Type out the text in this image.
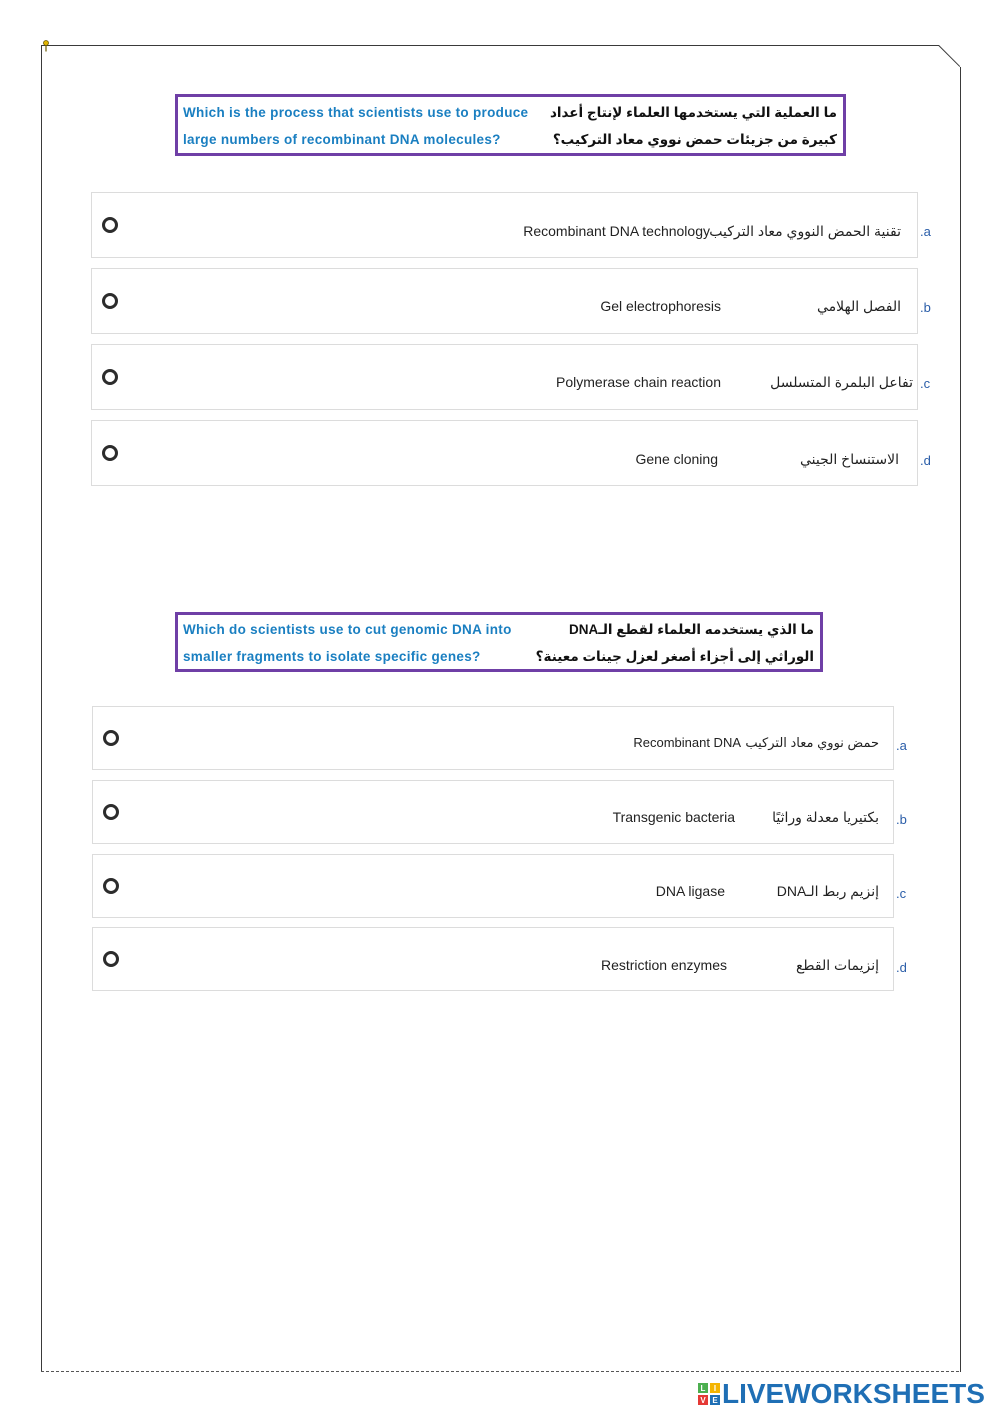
Which is the process that scientists use to produce
large numbers of recombinant DNA molecules?
ما العملية التي يستخدمها العلماء لإنتاج أعداد
كبيرة من جزيئات حمض نووي معاد التركيب؟
Recombinant DNA technology تقنية الحمض النووي معاد التركيب .a
Gel electrophoresis	الفصل الهلامي .b
Polymerase chain reaction	تفاعل البلمرة المتسلسل .c
Gene cloning	الاستنساخ الجيني .d
Which do scientists use to cut genomic DNA into
smaller fragments to isolate specific genes?
ما الذي يستخدمه العلماء لقطع الـDNA
الوراثي إلى أجزاء أصغر لعزل جينات معينة؟
Recombinant DNA حمض نووي معاد التركيب .a
Transgenic bacteria	بكتيريا معدلة وراثيًا .b
DNA ligase	إنزيم ربط الـDNA .c
Restriction enzymes	إنزيمات القطع .d
L I
V E LIVEWORKSHEETS
